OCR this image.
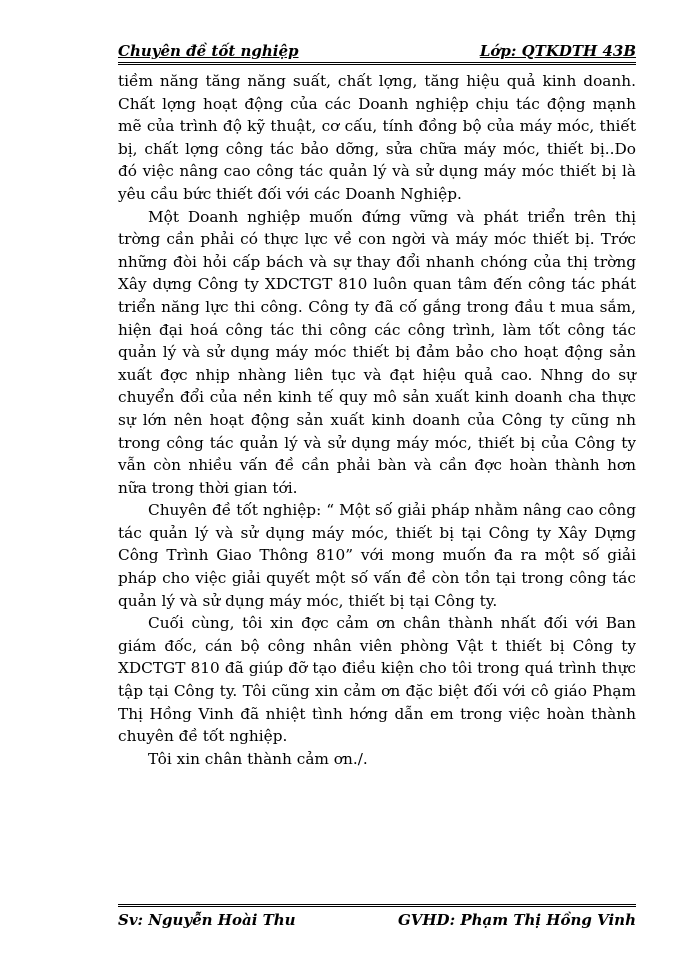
Chuyên đề tốt nghiệp	Lớp: QTKDTH 43B

tiềm năng tăng năng suất, chất lợng, tăng hiệu quả kinh doanh. Chất lợng hoạt động của các Doanh nghiệp chịu tác động mạnh mẽ của trình độ kỹ thuật, cơ cấu, tính đồng bộ của máy móc, thiết bị, chất lợng công tác bảo dỡng, sửa chữa máy móc, thiết bị..Do đó việc nâng cao công tác quản lý và sử dụng máy móc thiết bị là yêu cầu bức thiết đối với các Doanh Nghiệp.

Một Doanh nghiệp muốn đứng vững và phát triển trên thị trờng cần phải có thực lực về con ngời và máy móc thiết bị. Trớc những đòi hỏi cấp bách và sự thay đổi nhanh chóng của thị trờng Xây dựng Công ty XDCTGT 810 luôn quan tâm đến công tác phát triển năng lực thi công. Công ty đã cố gắng trong đầu t mua sắm, hiện đại hoá công tác thi công các công trình, làm tốt công tác quản lý và sử dụng máy móc thiết bị đảm bảo cho hoạt động sản xuất đợc nhịp nhàng liên tục và đạt hiệu quả cao. Nhng do sự chuyển đổi của nền kinh tế quy mô sản xuất kinh doanh cha thực sự lớn nên hoạt động sản xuất kinh doanh của Công ty cũng nh trong công tác quản lý và sử dụng máy móc, thiết bị của Công ty vẫn còn nhiều vấn đề cần phải bàn và cần đợc hoàn thành hơn nữa trong thời gian tới.

Chuyên đề tốt nghiệp: “ Một số giải pháp nhằm nâng cao công tác quản lý và sử dụng máy móc, thiết bị tại Công ty Xây Dựng Công Trình Giao Thông 810” với mong muốn đa ra một số giải pháp cho việc giải quyết một số vấn đề còn tồn tại trong công tác quản lý và sử dụng máy móc, thiết bị tại Công ty.

Cuối cùng, tôi xin đợc cảm ơn chân thành nhất đối với Ban giám đốc, cán bộ công nhân viên phòng Vật t thiết bị Công ty XDCTGT 810 đã giúp đỡ tạo điều kiện cho tôi trong quá trình thực tập tại Công ty. Tôi cũng xin cảm ơn đặc biệt đối với cô giáo Phạm Thị Hồng Vinh đã nhiệt tình hớng dẫn em trong việc hoàn thành chuyên đề tốt nghiệp.

Tôi xin chân thành cảm ơn./.

Sv: Nguyễn Hoài Thu	GVHD: Phạm Thị Hồng Vinh
